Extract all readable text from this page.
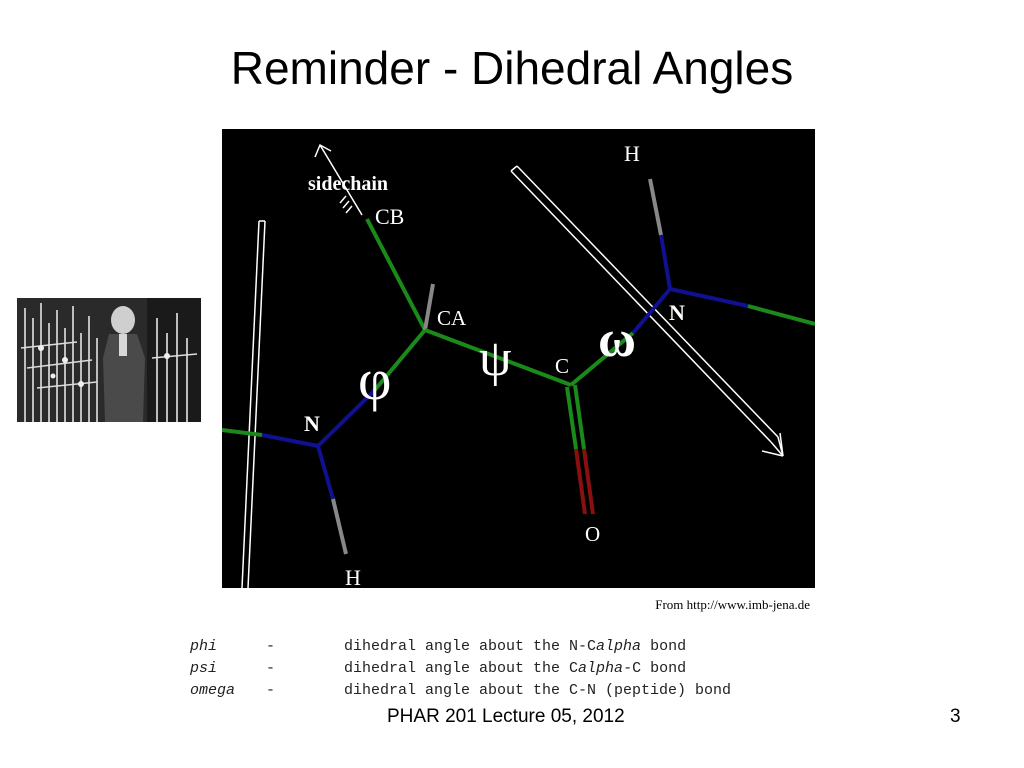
Reminder - Dihedral Angles
sidechain
CB
CA
C
O
N
N
H
H
φ ψ ω
From http://www.imb-jena.de
phi	-	dihedral angle about the N-Calpha bond
psi	-	dihedral angle about the Calpha-C bond
omega -	dihedral angle about the C-N (peptide) bond
PHAR 201 Lecture 05, 2012	3
